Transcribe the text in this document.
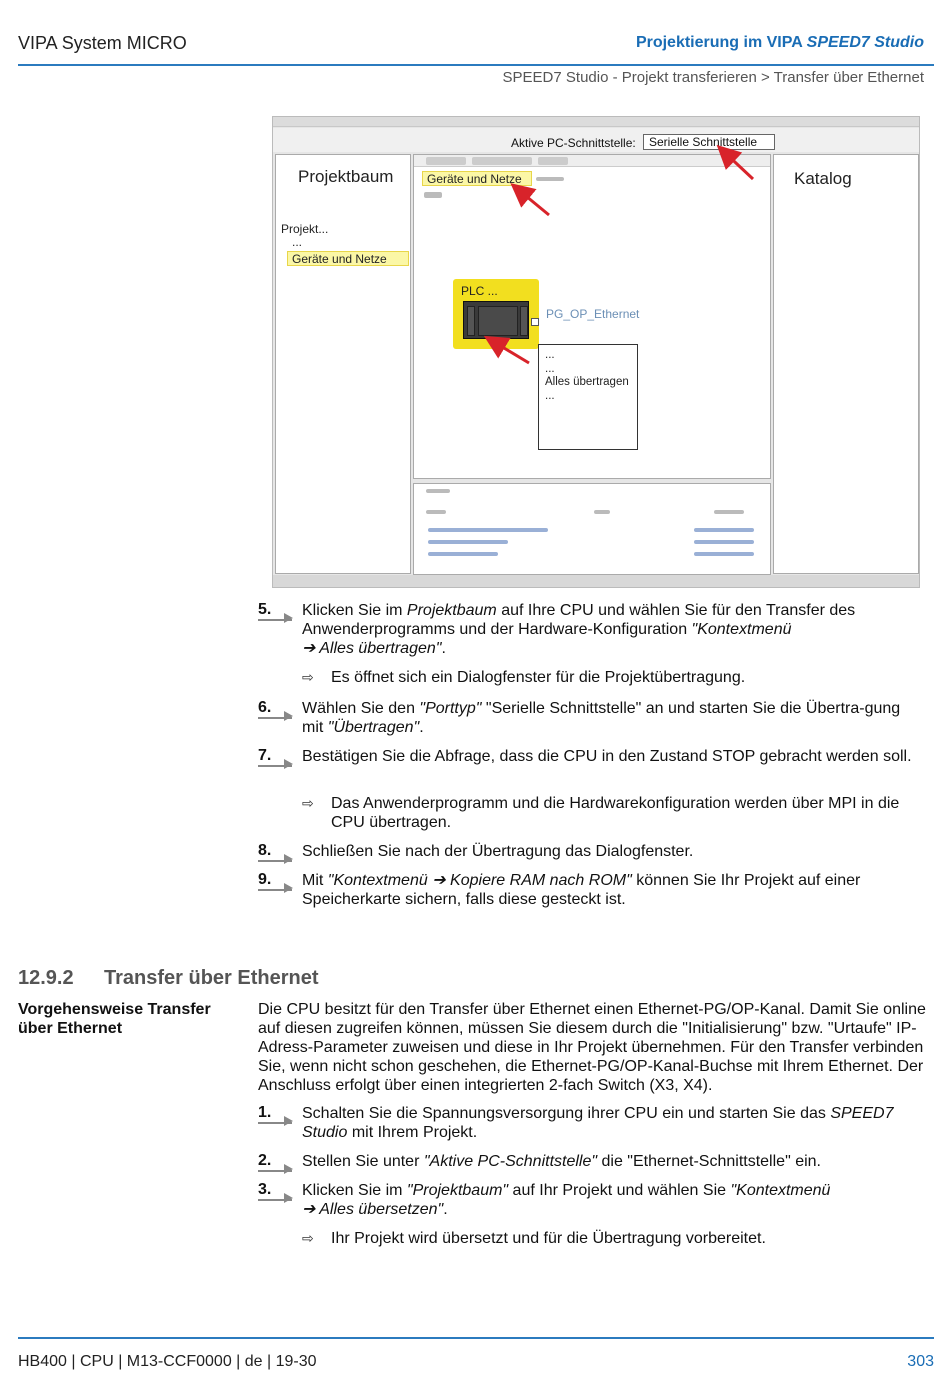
VIPA System MICRO	Projektierung im VIPA SPEED7 Studio
SPEED7 Studio - Projekt transferieren > Transfer über Ethernet
Aktive PC-Schnittstelle:	Serielle Schnittstelle
Projektbaum
Projekt...
...
Geräte und Netze
Geräte und Netze
PLC ...
PG_OP_Ethernet
...
...
Alles übertragen
...
Katalog
5. Klicken Sie im Projektbaum auf Ihre CPU und wählen Sie für den Transfer des Anwenderprogramms und der Hardware-Konfiguration "Kontextmenü
➔ Alles übertragen".
⇨ Es öffnet sich ein Dialogfenster für die Projektübertragung.
6. Wählen Sie den "Porttyp" "Serielle Schnittstelle" an und starten Sie die Übertra-gung mit "Übertragen".
7. Bestätigen Sie die Abfrage, dass die CPU in den Zustand STOP gebracht werden soll.
⇨ Das Anwenderprogramm und die Hardwarekonfiguration werden über MPI in die CPU übertragen.
8. Schließen Sie nach der Übertragung das Dialogfenster.
9. Mit "Kontextmenü ➔ Kopiere RAM nach ROM" können Sie Ihr Projekt auf einer Speicherkarte sichern, falls diese gesteckt ist.
12.9.2 Transfer über Ethernet
Vorgehensweise Transfer über Ethernet
Die CPU besitzt für den Transfer über Ethernet einen Ethernet-PG/OP-Kanal. Damit Sie online auf diesen zugreifen können, müssen Sie diesem durch die "Initialisierung" bzw. "Urtaufe" IP-Adress-Parameter zuweisen und diese in Ihr Projekt übernehmen. Für den Transfer verbinden Sie, wenn nicht schon geschehen, die Ethernet-PG/OP-Kanal-Buchse mit Ihrem Ethernet. Der Anschluss erfolgt über einen integrierten 2-fach Switch (X3, X4).
1. Schalten Sie die Spannungsversorgung ihrer CPU ein und starten Sie das SPEED7 Studio mit Ihrem Projekt.
2. Stellen Sie unter "Aktive PC-Schnittstelle" die "Ethernet-Schnittstelle" ein.
3. Klicken Sie im "Projektbaum" auf Ihr Projekt und wählen Sie "Kontextmenü
➔ Alles übersetzen".
⇨ Ihr Projekt wird übersetzt und für die Übertragung vorbereitet.
HB400 | CPU | M13-CCF0000 | de | 19-30	303
